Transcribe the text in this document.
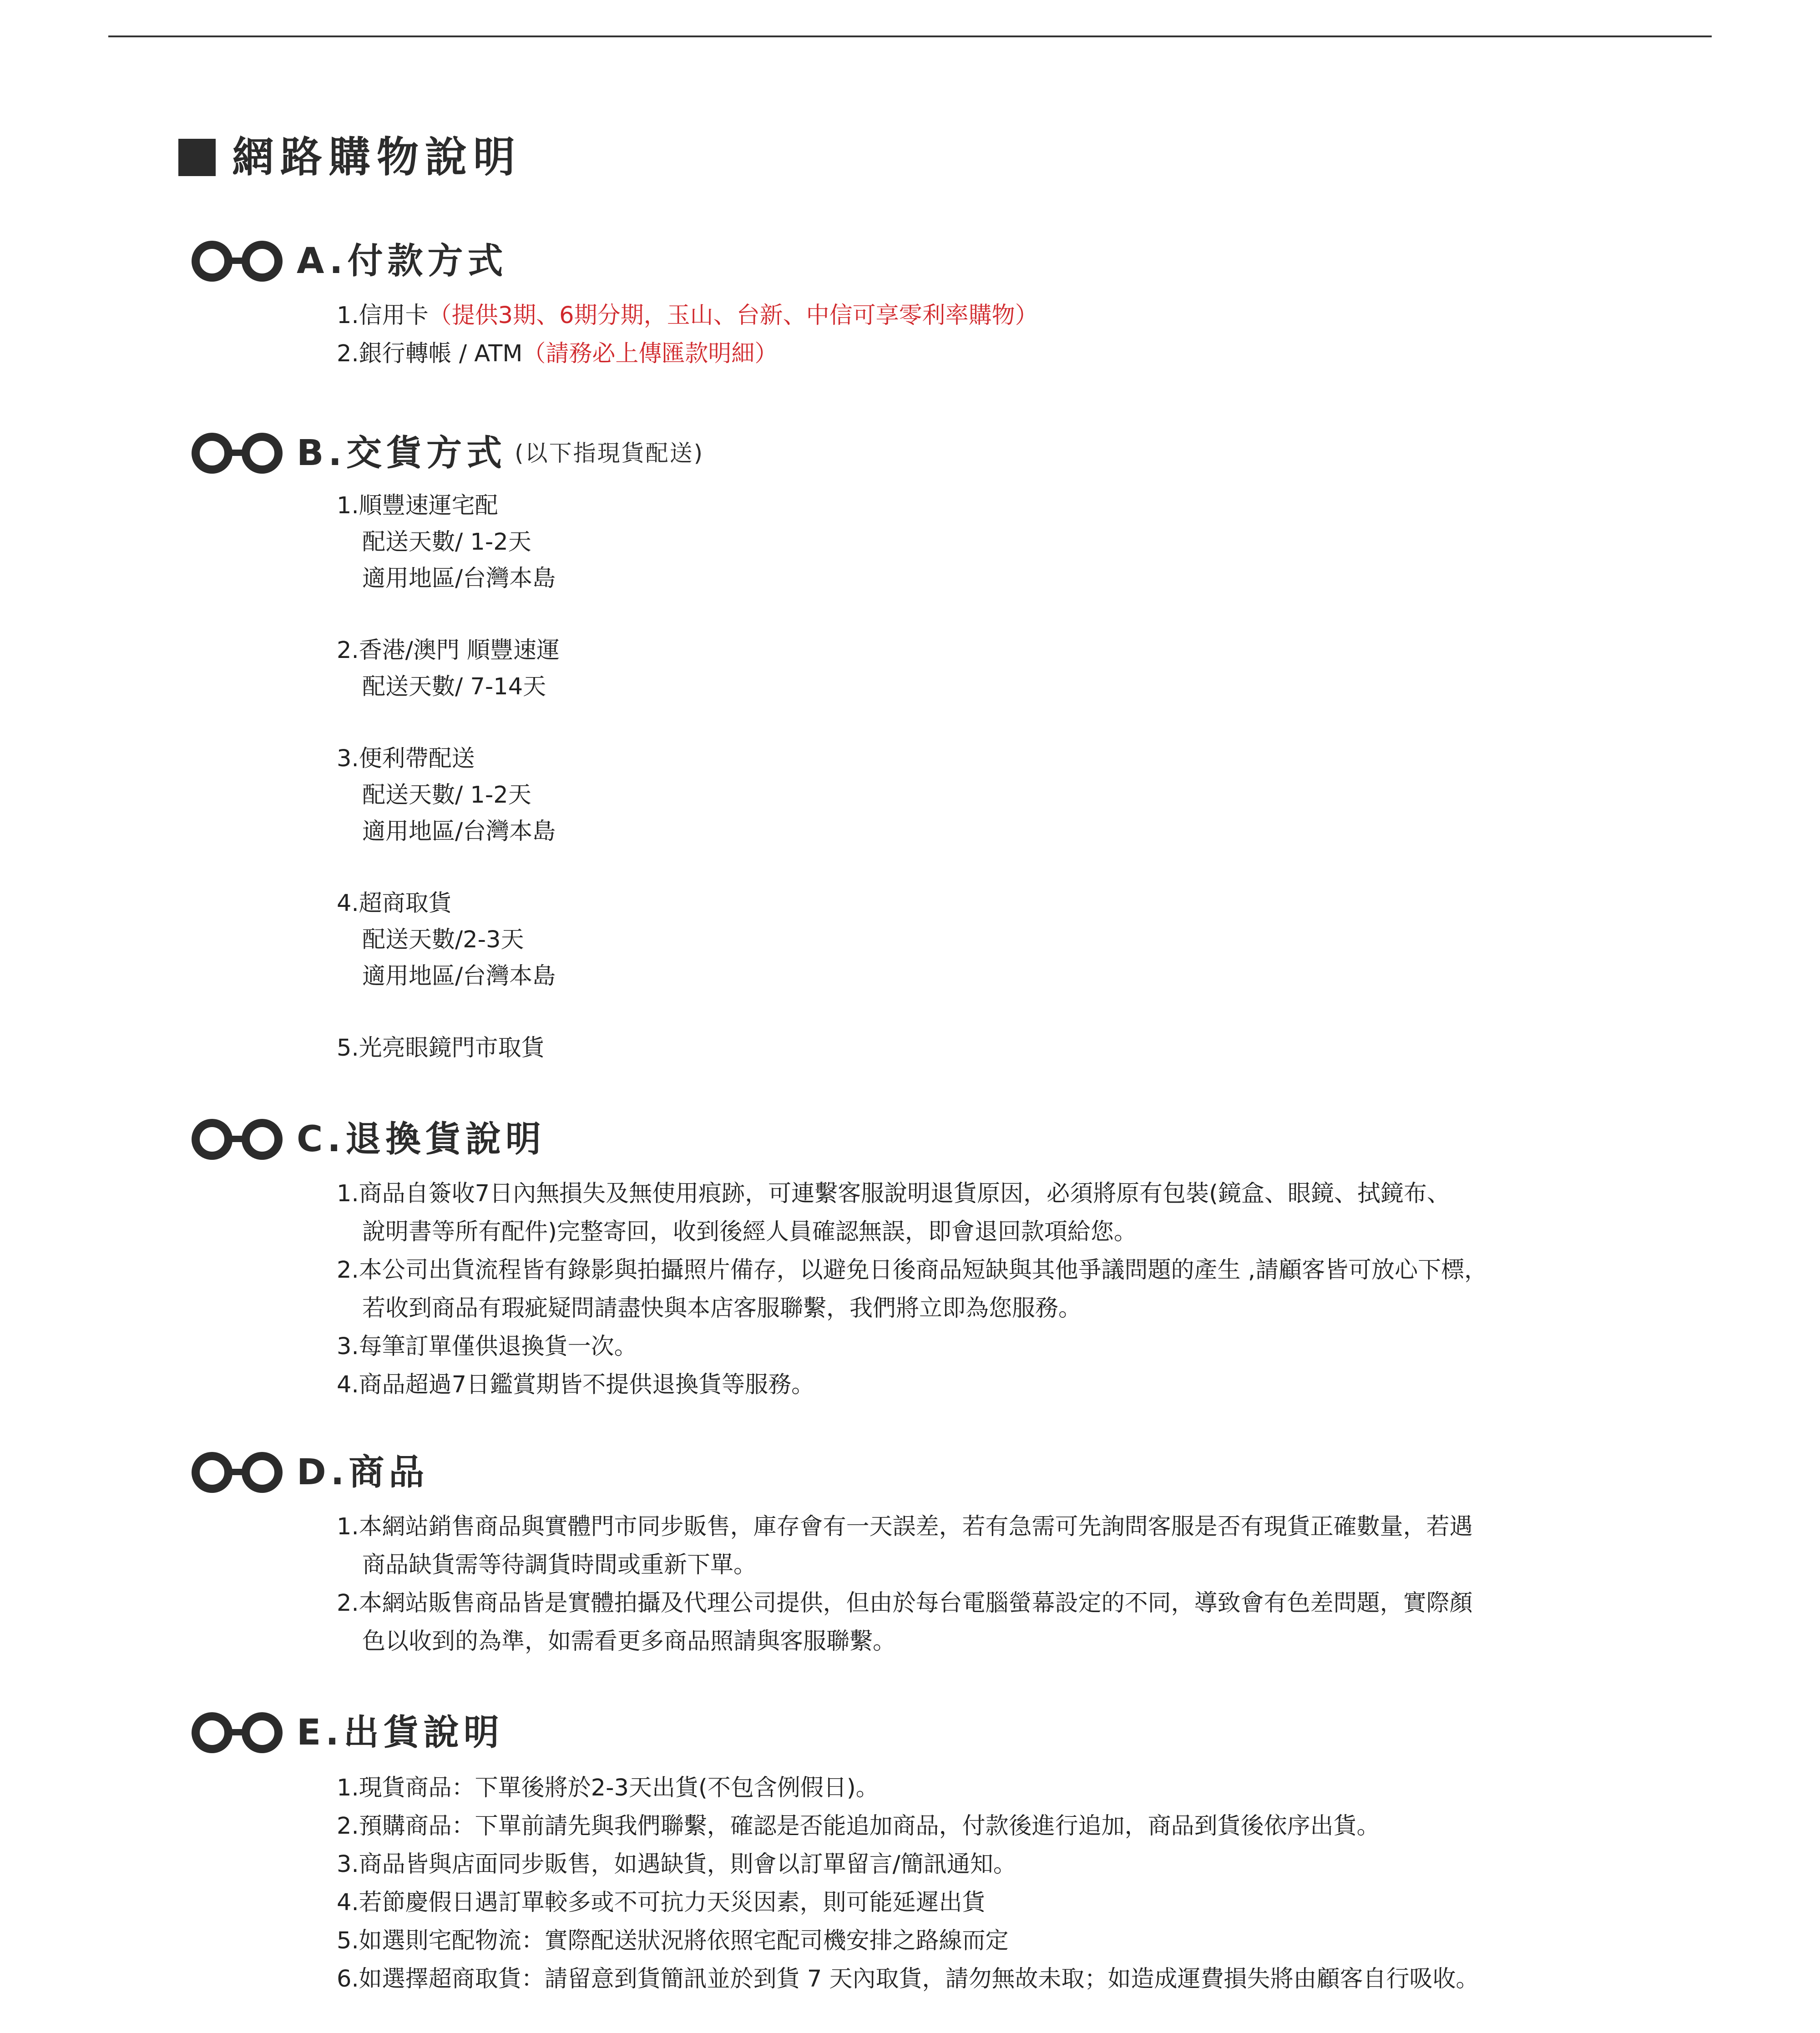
網路購物說明
A.付款方式
1.信用卡（提供3期、6期分期，玉山、台新、中信可享零利率購物）
2.銀行轉帳 / ATM（請務必上傳匯款明細）
B.交貨方式 (以下指現貨配送)
1.順豐速運宅配
配送天數/ 1-2天
適用地區/台灣本島
2.香港/澳門 順豐速運
配送天數/ 7-14天
3.便利帶配送
配送天數/ 1-2天
適用地區/台灣本島
4.超商取貨
配送天數/2-3天
適用地區/台灣本島
5.光亮眼鏡門市取貨
C.退換貨說明
1.商品自簽收7日內無損失及無使用痕跡，可連繫客服說明退貨原因，必須將原有包裝(鏡盒、眼鏡、拭鏡布、
說明書等所有配件)完整寄回，收到後經人員確認無誤，即會退回款項給您。
2.本公司出貨流程皆有錄影與拍攝照片備存，以避免日後商品短缺與其他爭議問題的產生 ,請顧客皆可放心下標，
若收到商品有瑕疵疑問請盡快與本店客服聯繫，我們將立即為您服務。
3.每筆訂單僅供退換貨一次。
4.商品超過7日鑑賞期皆不提供退換貨等服務。
D.商品
1.本網站銷售商品與實體門市同步販售，庫存會有一天誤差，若有急需可先詢問客服是否有現貨正確數量，若遇
商品缺貨需等待調貨時間或重新下單。
2.本網站販售商品皆是實體拍攝及代理公司提供，但由於每台電腦螢幕設定的不同，導致會有色差問題，實際顏
色以收到的為準，如需看更多商品照請與客服聯繫。
E.出貨說明
1.現貨商品：下單後將於2-3天出貨(不包含例假日)。
2.預購商品：下單前請先與我們聯繫，確認是否能追加商品，付款後進行追加，商品到貨後依序出貨。
3.商品皆與店面同步販售，如遇缺貨，則會以訂單留言/簡訊通知。
4.若節慶假日遇訂單較多或不可抗力天災因素，則可能延遲出貨
5.如選則宅配物流：實際配送狀況將依照宅配司機安排之路線而定
6.如選擇超商取貨：請留意到貨簡訊並於到貨 7 天內取貨，請勿無故未取；如造成運費損失將由顧客自行吸收。
